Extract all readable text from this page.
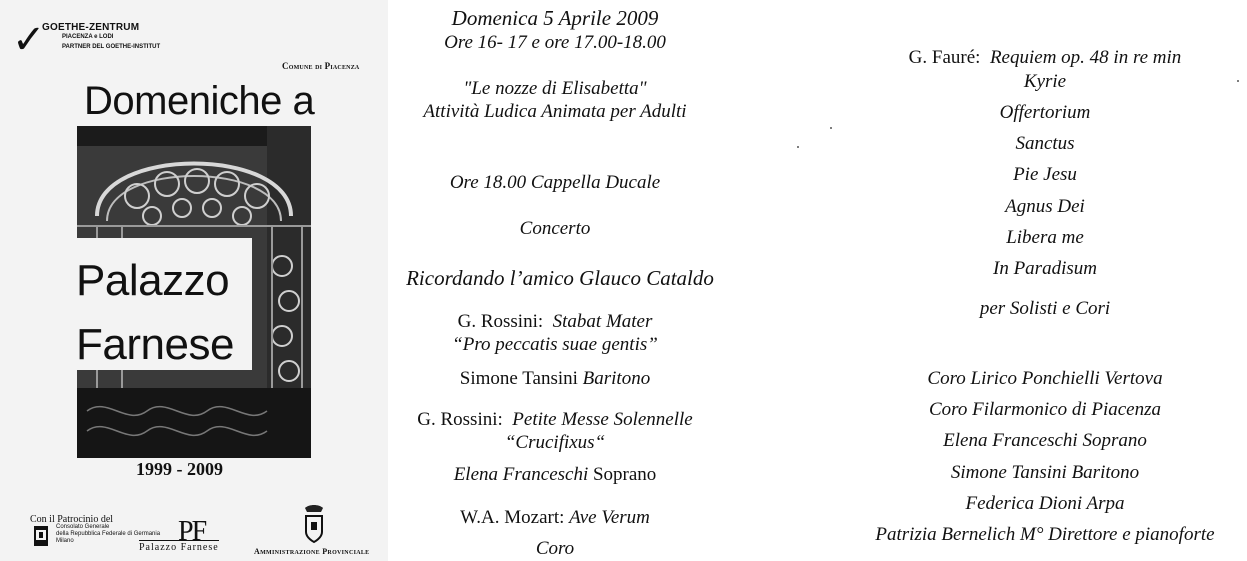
✓
GOETHE-ZENTRUM
PIACENZA e LODI
PARTNER DEL GOETHE-INSTITUT
Comune di Piacenza
Domeniche a
Palazzo
Farnese
1999 - 2009
Con il Patrocinio del
Consolato Generale
della Repubblica Federale di Germania
Milano	PF
Palazzo Farnese	Amministrazione Provinciale
Domenica 5 Aprile 2009
Ore 16- 17 e ore 17.00-18.00
"Le nozze di Elisabetta"
Attività Ludica Animata per Adulti
Ore 18.00 Cappella Ducale
Concerto
Ricordando l’amico Glauco Cataldo
G. Rossini: Stabat Mater
“Pro peccatis suae gentis”
Simone Tansini Baritono
G. Rossini: Petite Messe Solennelle
“Crucifixus“
Elena Franceschi Soprano
W.A. Mozart: Ave Verum
Coro
G. Fauré: Requiem op. 48 in re min
Kyrie
Offertorium
Sanctus
Pie Jesu
Agnus Dei
Libera me
In Paradisum
per Solisti e Cori
Coro Lirico Ponchielli Vertova
Coro Filarmonico di Piacenza
Elena Franceschi Soprano
Simone Tansini Baritono
Federica Dioni Arpa
Patrizia Bernelich M° Direttore e pianoforte
